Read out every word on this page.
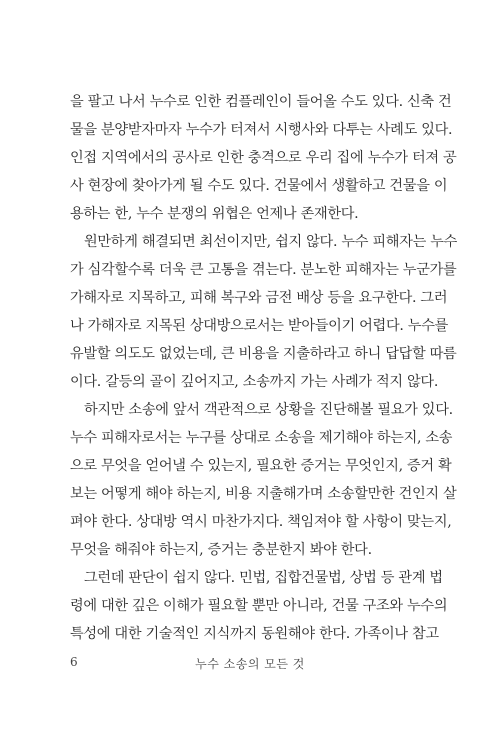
을 팔고 나서 누수로 인한 컴플레인이 들어올 수도 있다. 신축 건
물을 분양받자마자 누수가 터져서 시행사와 다투는 사례도 있다.
인접 지역에서의 공사로 인한 충격으로 우리 집에 누수가 터져 공
사 현장에 찾아가게 될 수도 있다. 건물에서 생활하고 건물을 이
용하는 한, 누수 분쟁의 위협은 언제나 존재한다.
원만하게 해결되면 최선이지만, 쉽지 않다. 누수 피해자는 누수
가 심각할수록 더욱 큰 고통을 겪는다. 분노한 피해자는 누군가를
가해자로 지목하고, 피해 복구와 금전 배상 등을 요구한다. 그러
나 가해자로 지목된 상대방으로서는 받아들이기 어렵다. 누수를
유발할 의도도 없었는데, 큰 비용을 지출하라고 하니 답답할 따름
이다. 갈등의 골이 깊어지고, 소송까지 가는 사례가 적지 않다.
하지만 소송에 앞서 객관적으로 상황을 진단해볼 필요가 있다.
누수 피해자로서는 누구를 상대로 소송을 제기해야 하는지, 소송
으로 무엇을 얻어낼 수 있는지, 필요한 증거는 무엇인지, 증거 확
보는 어떻게 해야 하는지, 비용 지출해가며 소송할만한 건인지 살
펴야 한다. 상대방 역시 마찬가지다. 책임져야 할 사항이 맞는지,
무엇을 해줘야 하는지, 증거는 충분한지 봐야 한다.
그런데 판단이 쉽지 않다. 민법, 집합건물법, 상법 등 관계 법
령에 대한 깊은 이해가 필요할 뿐만 아니라, 건물 구조와 누수의
특성에 대한 기술적인 지식까지 동원해야 한다. 가족이나 참고
6	누수 소송의 모든 것
